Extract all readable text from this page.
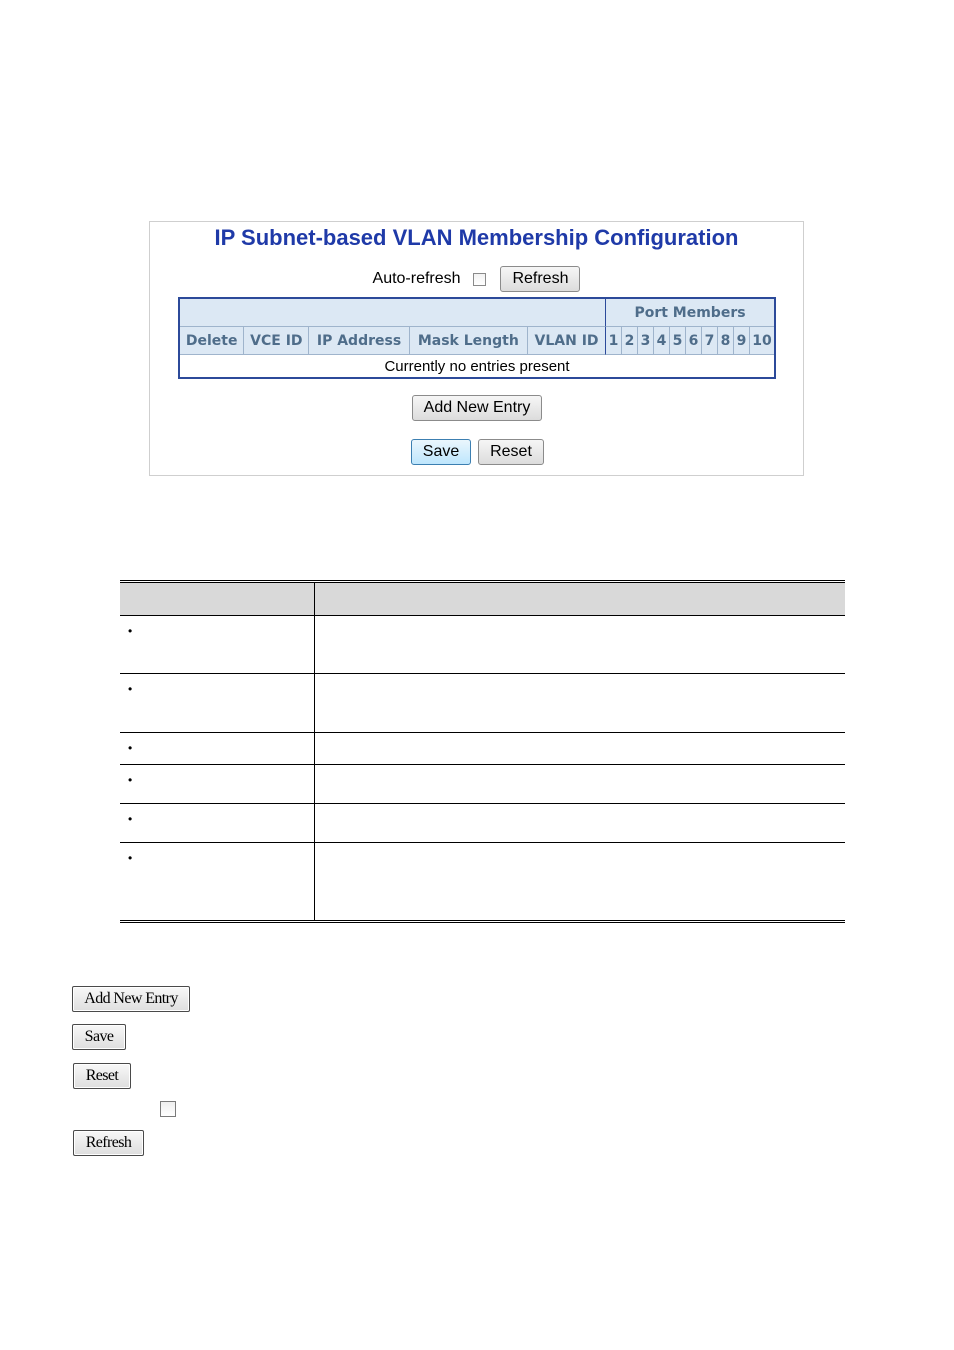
IP Subnet-based VLAN Membership Configuration
Auto-refresh	Refresh
					Port Members									
Delete	VCE ID	IP Address	Mask Length	VLAN ID	1	2	3	4	5	6	7	8	9	10
Currently no entries present														
Add New Entry
Save	Reset

•	
•	
•	
•	
•	
•	
Add New Entry
Save
Reset
Refresh
